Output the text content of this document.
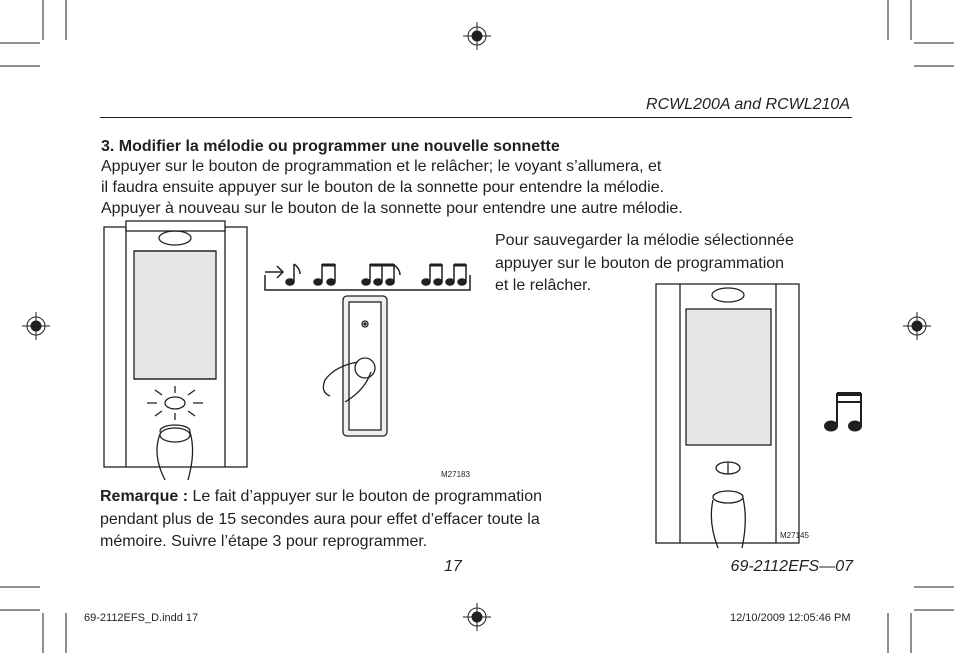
RCWL200A and RCWL210A
3. Modifier la mélodie ou programmer une nouvelle sonnette
Appuyer sur le bouton de programmation et le relâcher; le voyant s’allumera, et
il faudra ensuite appuyer sur le bouton de la sonnette pour entendre la mélodie.
Appuyer à nouveau sur le bouton de la sonnette pour entendre une autre mélodie.
Pour sauvegarder la mélodie sélectionnée
appuyer sur le bouton de programmation
et le relâcher.
M27183
M27145
Remarque : Le fait d’appuyer sur le bouton de programmation
pendant plus de 15 secondes aura pour effet d’effacer toute la
mémoire. Suivre l’étape 3 pour reprogrammer.
17	69-2112EFS—07
69-2112EFS_D.indd 17	12/10/2009 12:05:46 PM
